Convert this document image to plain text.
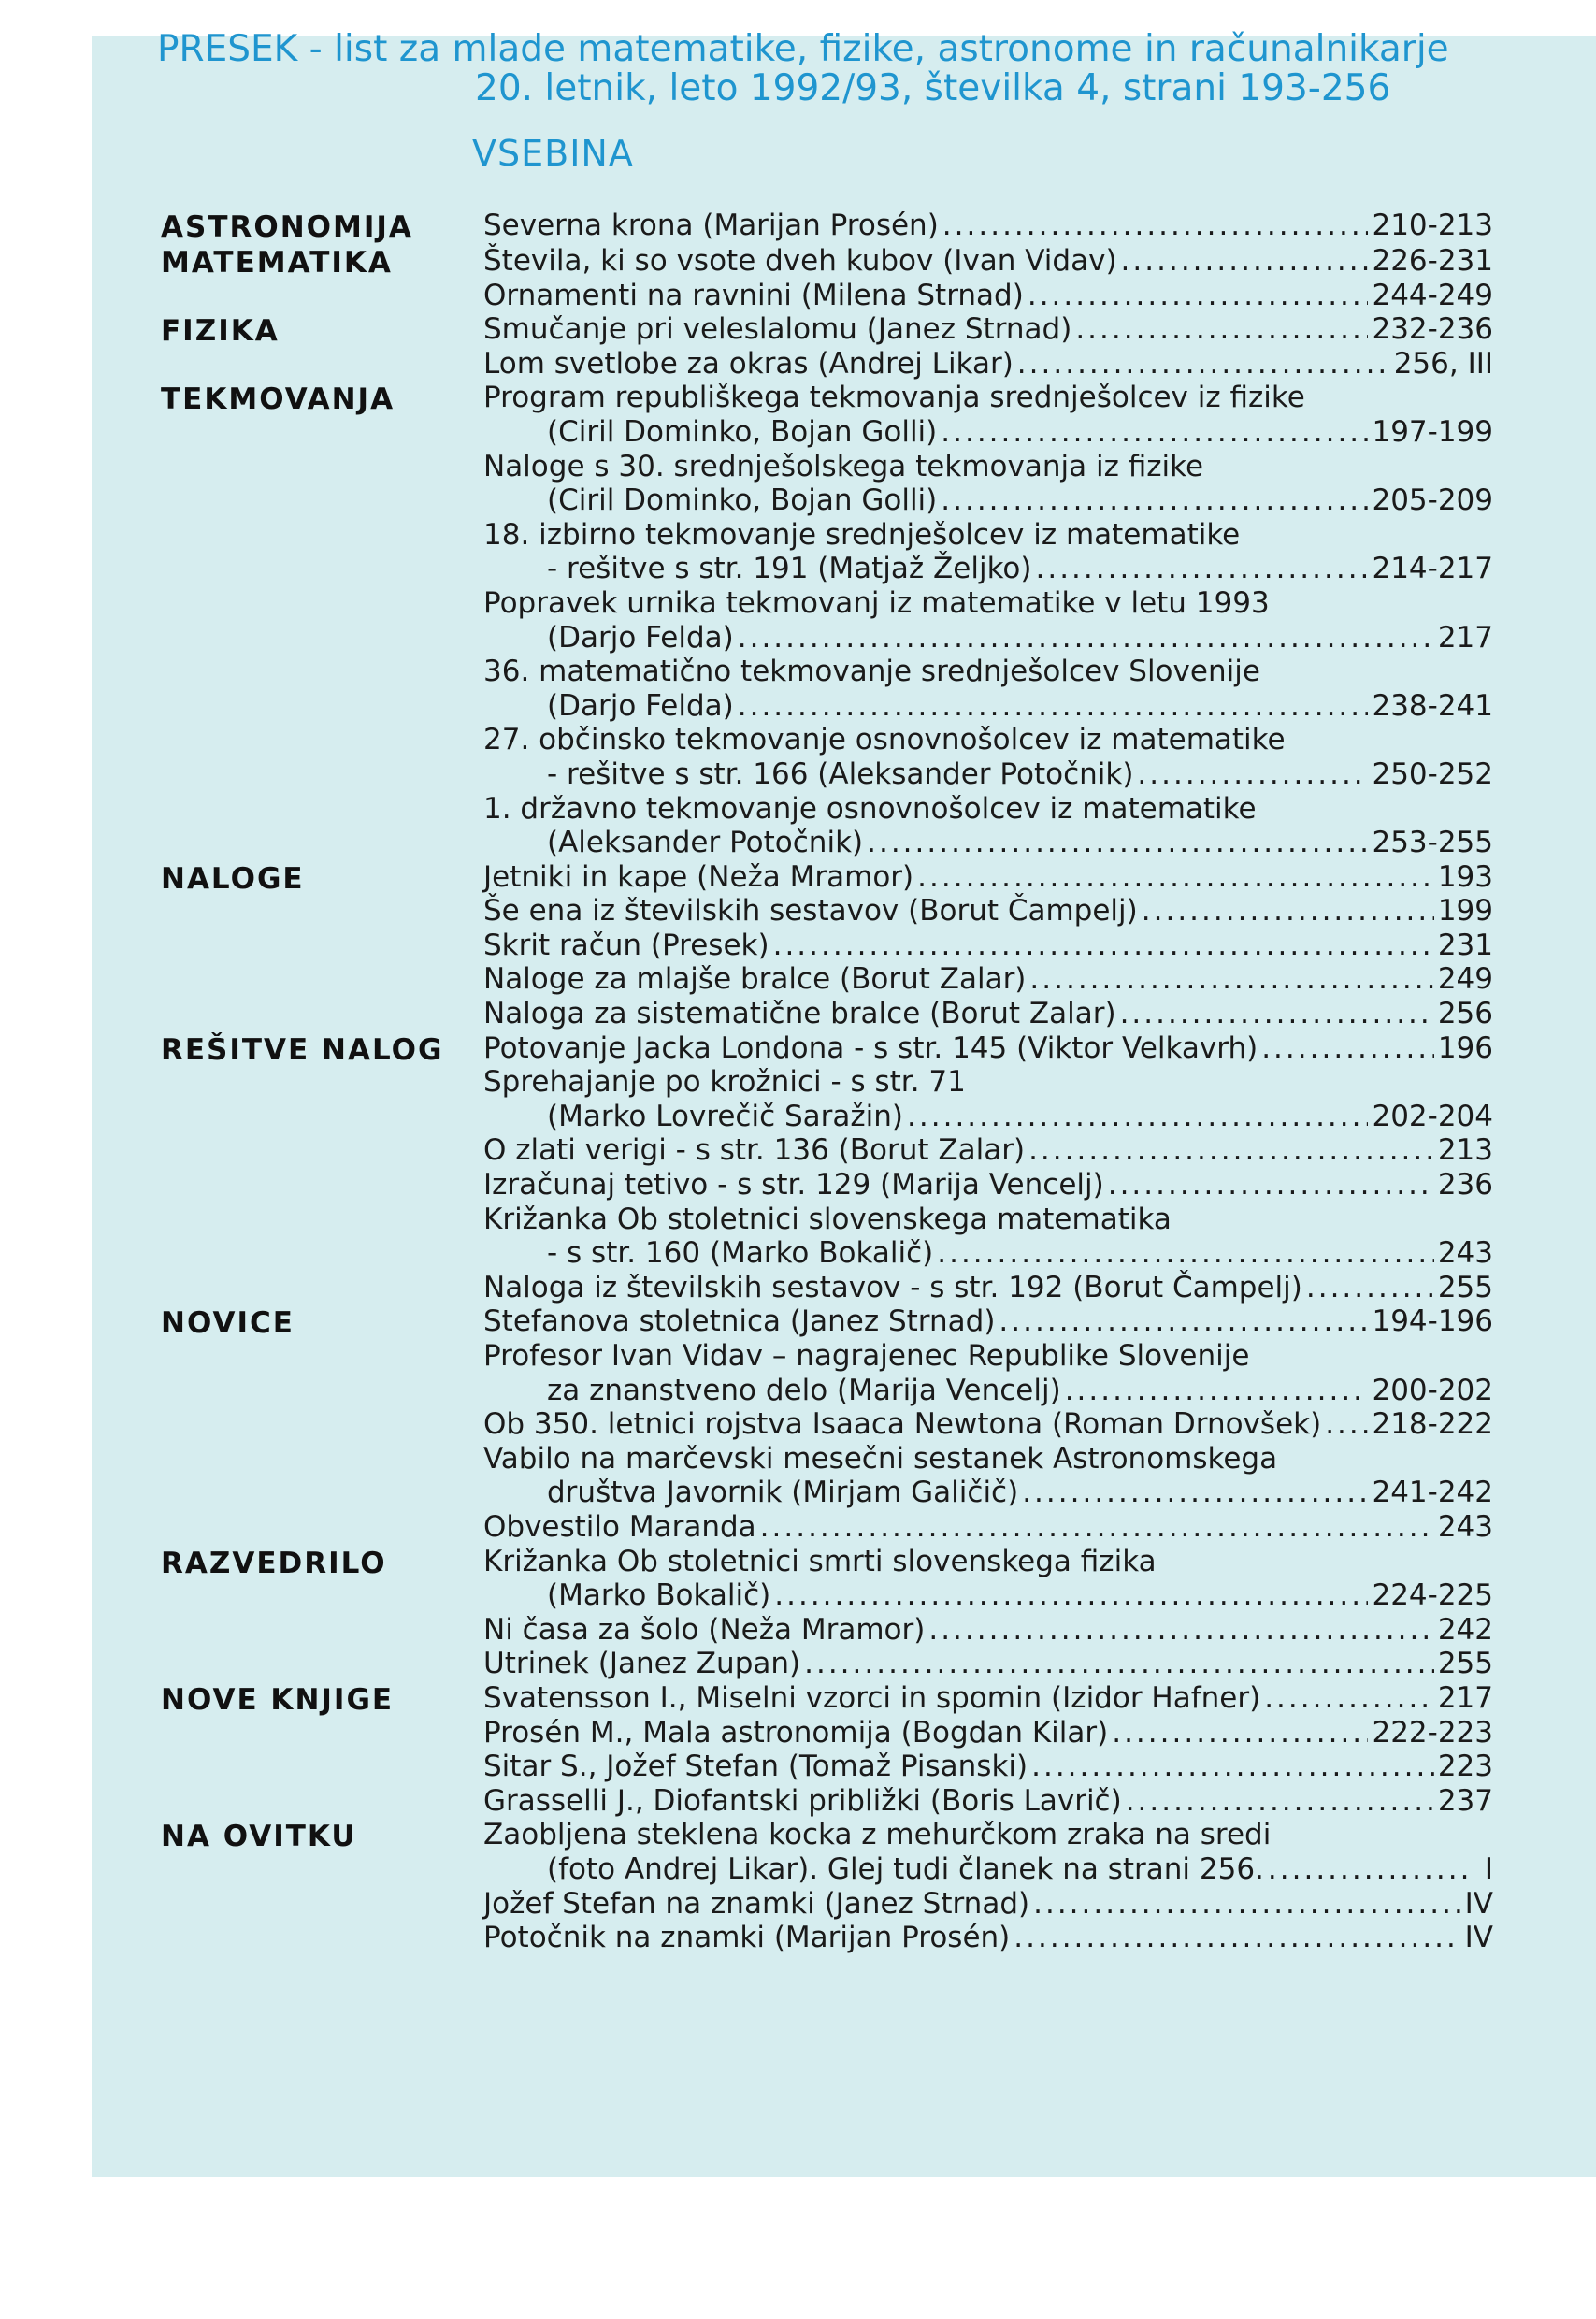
PRESEK - list za mlade matematike, fizike, astronome in računalnikarje
20. letnik, leto 1992/93, številka 4, strani 193-256
VSEBINA
ASTRONOMIJA	Severna krona (Marijan Prosén) .....	210-213
MATEMATIKA	Števila, ki so vsote dveh kubov (Ivan Vidav) .....	226-231
Ornamenti na ravnini (Milena Strnad) .....	244-249
FIZIKA	Smučanje pri veleslalomu (Janez Strnad) .....	232-236
Lom svetlobe za okras (Andrej Likar) .....	256, III
TEKMOVANJA	Program republiškega tekmovanja srednješolcev iz fizike
(Ciril Dominko, Bojan Golli) .....	197-199
Naloge s 30. srednješolskega tekmovanja iz fizike
(Ciril Dominko, Bojan Golli) .....	205-209
18. izbirno tekmovanje srednješolcev iz matematike
- rešitve s str. 191 (Matjaž Željko) .....	214-217
Popravek urnika tekmovanj iz matematike v letu 1993
(Darjo Felda) .....	217
36. matematično tekmovanje srednješolcev Slovenije
(Darjo Felda) .....	238-241
27. občinsko tekmovanje osnovnošolcev iz matematike
- rešitve s str. 166 (Aleksander Potočnik) .....	250-252
1. državno tekmovanje osnovnošolcev iz matematike
(Aleksander Potočnik) .....	253-255
NALOGE	Jetniki in kape (Neža Mramor) .....	193
Še ena iz številskih sestavov (Borut Čampelj) .....	199
Skrit račun (Presek) .....	231
Naloge za mlajše bralce (Borut Zalar) .....	249
Naloga za sistematične bralce (Borut Zalar) .....	256
REŠITVE NALOG	Potovanje Jacka Londona - s str. 145 (Viktor Velkavrh) .....	196
Sprehajanje po krožnici - s str. 71
(Marko Lovrečič Saražin) .....	202-204
O zlati verigi - s str. 136 (Borut Zalar) .....	213
Izračunaj tetivo - s str. 129 (Marija Vencelj) .....	236
Križanka Ob stoletnici slovenskega matematika
- s str. 160 (Marko Bokalič) .....	243
Naloga iz številskih sestavov - s str. 192 (Borut Čampelj) .....	255
NOVICE	Stefanova stoletnica (Janez Strnad) .....	194-196
Profesor Ivan Vidav – nagrajenec Republike Slovenije
za znanstveno delo (Marija Vencelj) .....	200-202
Ob 350. letnici rojstva Isaaca Newtona (Roman Drnovšek) ..... 218-222
Vabilo na marčevski mesečni sestanek Astronomskega
društva Javornik (Mirjam Galičič) .....	241-242
Obvestilo Maranda .....	243
RAZVEDRILO	Križanka Ob stoletnici smrti slovenskega fizika
(Marko Bokalič) .....	224-225
Ni časa za šolo (Neža Mramor) .....	242
Utrinek (Janez Zupan) .....	255
NOVE KNJIGE	Svatensson I., Miselni vzorci in spomin (Izidor Hafner) .....	217
Prosén M., Mala astronomija (Bogdan Kilar) .....	222-223
Sitar S., Jožef Stefan (Tomaž Pisanski) .....	223
Grasselli J., Diofantski približki (Boris Lavrič) .....	237
NA OVITKU	Zaobljena steklena kocka z mehurčkom zraka na sredi
(foto Andrej Likar). Glej tudi članek na strani 256. .....	I
Jožef Stefan na znamki (Janez Strnad) .....	IV
Potočnik na znamki (Marijan Prosén) .....	IV
